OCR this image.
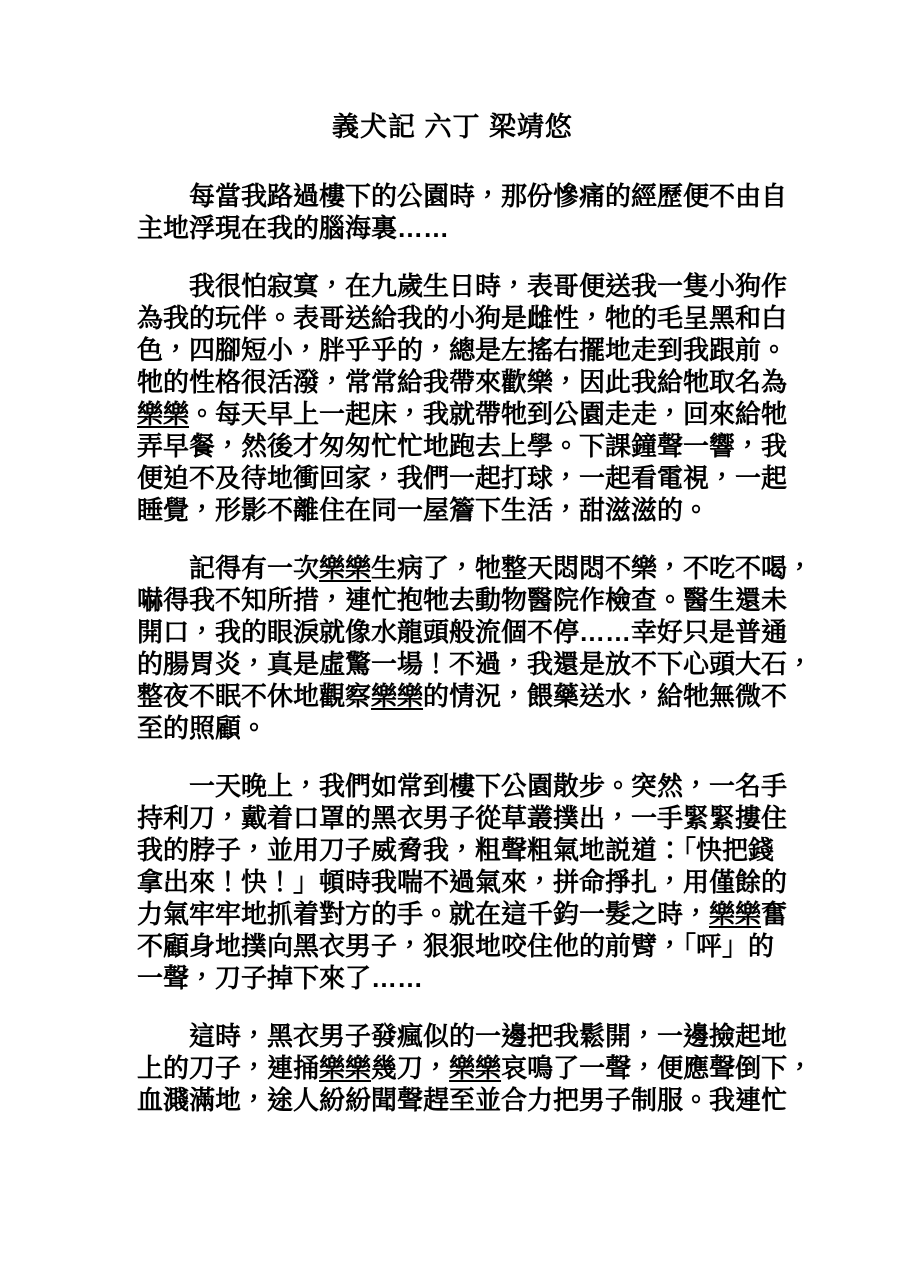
義犬記 六丁 梁靖悠

每當我路過樓下的公園時，那份慘痛的經歷便不由自
主地浮現在我的腦海裏……

我很怕寂寞，在九歲生日時，表哥便送我一隻小狗作
為我的玩伴。表哥送給我的小狗是雌性，牠的毛呈黑和白
色，四腳短小，胖乎乎的，總是左搖右擺地走到我跟前。
牠的性格很活潑，常常給我帶來歡樂，因此我給牠取名為
樂樂。每天早上一起床，我就帶牠到公園走走，回來給牠
弄早餐，然後才匆匆忙忙地跑去上學。下課鐘聲一響，我
便迫不及待地衝回家，我們一起打球，一起看電視，一起
睡覺，形影不離住在同一屋簷下生活，甜滋滋的。

記得有一次樂樂生病了，牠整天悶悶不樂，不吃不喝，
嚇得我不知所措，連忙抱牠去動物醫院作檢查。醫生還未
開口，我的眼淚就像水龍頭般流個不停……幸好只是普通
的腸胃炎，真是虛驚一場！不過，我還是放不下心頭大石，
整夜不眠不休地觀察樂樂的情況，餵藥送水，給牠無微不
至的照顧。

一天晚上，我們如常到樓下公園散步。突然，一名手
持利刀，戴着口罩的黑衣男子從草叢撲出，一手緊緊摟住
我的脖子，並用刀子威脅我，粗聲粗氣地説道：「快把錢
拿出來！快！」頓時我喘不過氣來，拼命掙扎，用僅餘的
力氣牢牢地抓着對方的手。就在這千鈞一髮之時，樂樂奮
不顧身地撲向黑衣男子，狠狠地咬住他的前臂，「呯」的
一聲，刀子掉下來了……

這時，黑衣男子發瘋似的一邊把我鬆開，一邊撿起地
上的刀子，連捅樂樂幾刀，樂樂哀鳴了一聲，便應聲倒下，
血濺滿地，途人紛紛聞聲趕至並合力把男子制服。我連忙
